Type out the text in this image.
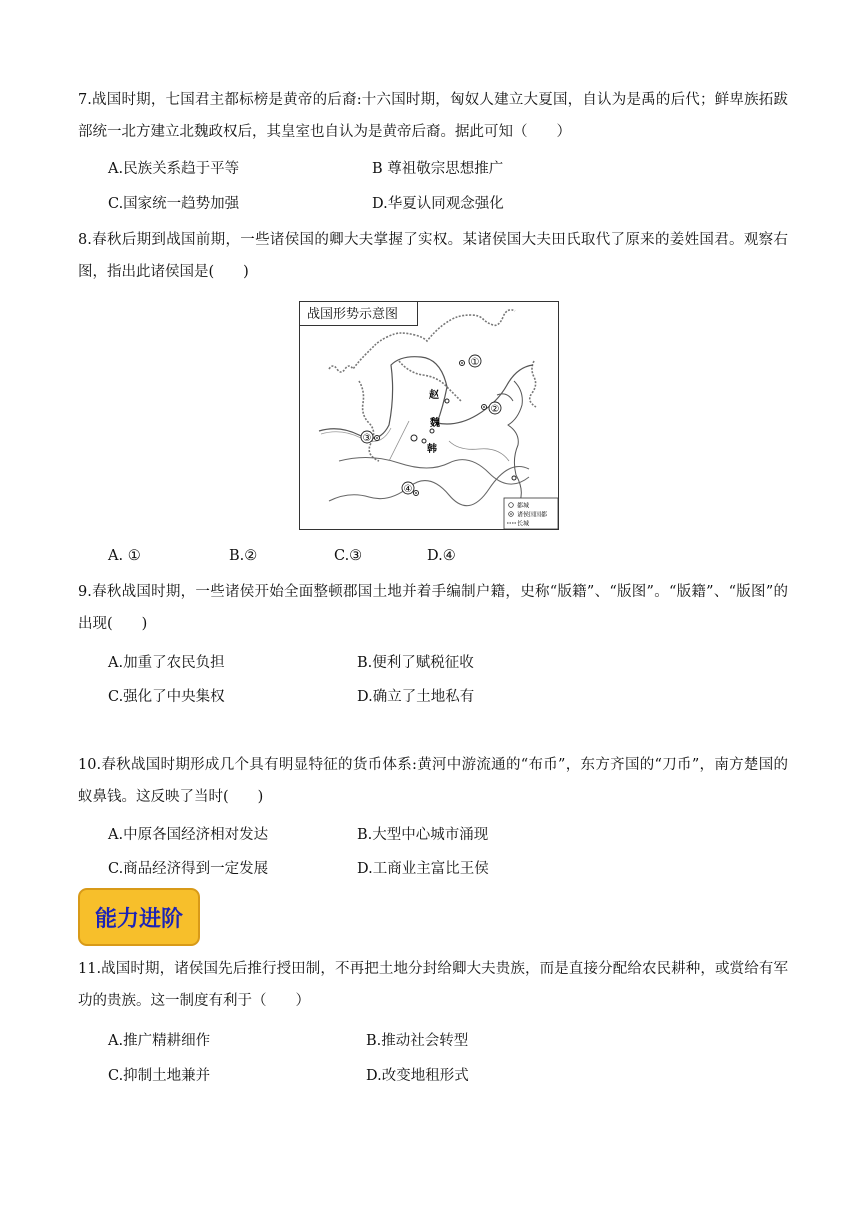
7.战国时期，七国君主都标榜是黄帝的后裔:十六国时期，匈奴人建立大夏国，自认为是禹的后代；鲜卑族拓跋部统一北方建立北魏政权后，其皇室也自认为是黄帝后裔。据此可知（　　）
A.民族关系趋于平等	B 尊祖敬宗思想推广
C.国家统一趋势加强	D.华夏认同观念强化
8.春秋后期到战国前期，一些诸侯国的卿大夫掌握了实权。某诸侯国大夫田氏取代了原来的姜姓国君。观察右图，指出此诸侯国是(　　)
战国形势示意图
①
②
③
④
赵
魏
韩
都城
诸侯国国都
长城
A. ①	B.②	C.③	D.④
9.春秋战国时期，一些诸侯开始全面整顿郡国土地并着手编制户籍，史称“版籍”、“版图”。“版籍”、“版图”的出现(　　)
A.加重了农民负担	B.便利了赋税征收
C.强化了中央集权	D.确立了土地私有
10.春秋战国时期形成几个具有明显特征的货币体系:黄河中游流通的“布币”，东方齐国的“刀币”，南方楚国的蚁鼻钱。这反映了当时(　　)
A.中原各国经济相对发达	B.大型中心城市涌现
C.商品经济得到一定发展	D.工商业主富比王侯
能力进阶
11.战国时期，诸侯国先后推行授田制，不再把土地分封给卿大夫贵族，而是直接分配给农民耕种，或赏给有军功的贵族。这一制度有利于（　　）
A.推广精耕细作	B.推动社会转型
C.抑制土地兼并	D.改变地租形式
